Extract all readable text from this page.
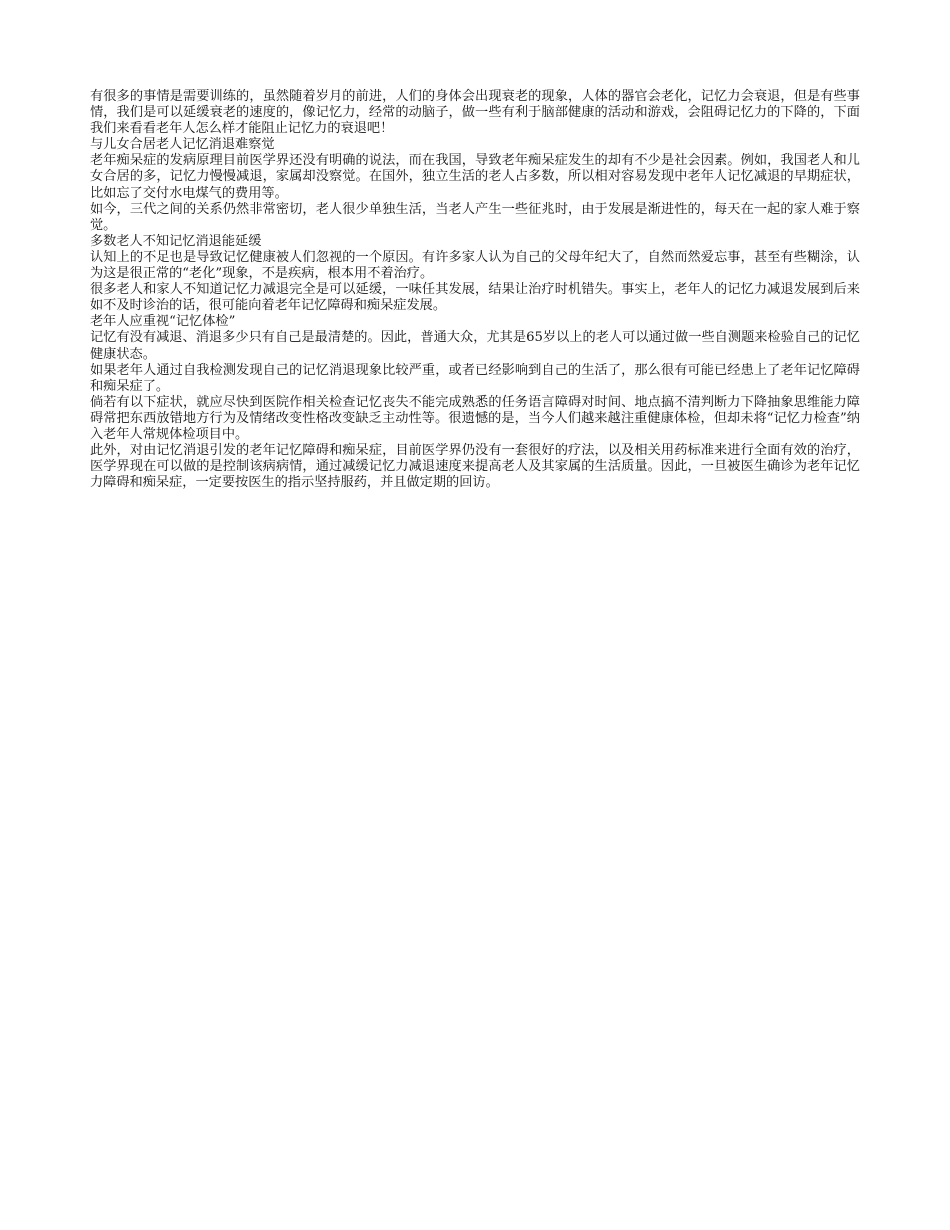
有很多的事情是需要训练的，虽然随着岁月的前进，人们的身体会出现衰老的现象，人体的器官会老化，记忆力会衰退，但是有些事情，我们是可以延缓衰老的速度的，像记忆力，经常的动脑子，做一些有利于脑部健康的活动和游戏，会阻碍记忆力的下降的，下面我们来看看老年人怎么样才能阻止记忆力的衰退吧！

与儿女合居老人记忆消退难察觉

老年痴呆症的发病原理目前医学界还没有明确的说法，而在我国，导致老年痴呆症发生的却有不少是社会因素。例如，我国老人和儿女合居的多，记忆力慢慢减退，家属却没察觉。在国外，独立生活的老人占多数，所以相对容易发现中老年人记忆减退的早期症状，比如忘了交付水电煤气的费用等。

如今，三代之间的关系仍然非常密切，老人很少单独生活，当老人产生一些征兆时，由于发展是渐进性的，每天在一起的家人难于察觉。

多数老人不知记忆消退能延缓

认知上的不足也是导致记忆健康被人们忽视的一个原因。有许多家人认为自己的父母年纪大了，自然而然爱忘事，甚至有些糊涂，认为这是很正常的“老化”现象，不是疾病，根本用不着治疗。

很多老人和家人不知道记忆力减退完全是可以延缓，一味任其发展，结果让治疗时机错失。事实上，老年人的记忆力减退发展到后来如不及时诊治的话，很可能向着老年记忆障碍和痴呆症发展。

老年人应重视“记忆体检”

记忆有没有减退、消退多少只有自己是最清楚的。因此，普通大众，尤其是65岁以上的老人可以通过做一些自测题来检验自己的记忆健康状态。

如果老年人通过自我检测发现自己的记忆消退现象比较严重，或者已经影响到自己的生活了，那么很有可能已经患上了老年记忆障碍和痴呆症了。

倘若有以下症状，就应尽快到医院作相关检查记忆丧失不能完成熟悉的任务语言障碍对时间、地点搞不清判断力下降抽象思维能力障碍常把东西放错地方行为及情绪改变性格改变缺乏主动性等。很遗憾的是，当今人们越来越注重健康体检，但却未将“记忆力检查”纳入老年人常规体检项目中。

此外，对由记忆消退引发的老年记忆障碍和痴呆症，目前医学界仍没有一套很好的疗法，以及相关用药标准来进行全面有效的治疗，医学界现在可以做的是控制该病病情，通过减缓记忆力减退速度来提高老人及其家属的生活质量。因此，一旦被医生确诊为老年记忆力障碍和痴呆症，一定要按医生的指示坚持服药，并且做定期的回访。
